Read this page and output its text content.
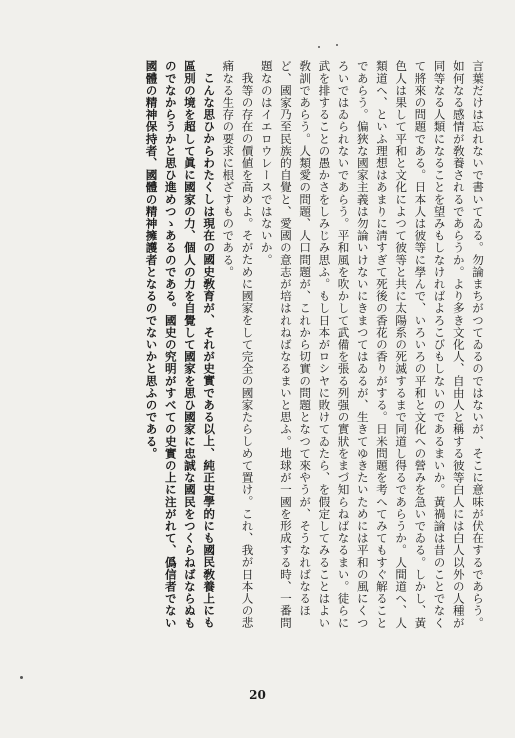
言葉だけは忘れないで書いてゐる。勿論まちがつてゐるのではないが、そこに意味が伏在するであらう。如何なる感情が敎養されるであらうか。より多き文化人、自由人と稱する彼等白人には白人以外の人種が同等なる人類になることを望みもしなければよろこびもしないのであるまいか。黃禍論は昔のことでなくて將來の問題である。日本人は彼等に學んで、いろいろの平和と文化への營みを急いでゐる。しかし、黃色人は果して平和と文化によつて彼等と共に太陽系の死滅するまで同道し得るであらうか。人間道へ、人類道へ、といふ理想はあまりに淸すぎて死後の香花の香りがする。日米問題を考へてみてもすぐ解ることであらう。偏狹な國家主義は勿論いけないにきまつてはゐるが、生きてゆきたいためには平和の風にくつろいではゐられないであらう。平和風を吹かして武備を張る列强の實狀をまづ知らねばなるまい。徒らに武を排することの愚かさをしみじみ思ふ。もし日本がロシヤに敗けてゐたら、を假定してみることはよい敎訓であらう。人類愛の問題、人口問題が、これから切實の問題となつて來やうが、そうなればなるほど、國家乃至民族的自覺と、愛國の意志が培はれねばなるまいと思ふ。地球が一國を形成する時、一番問題なのはイエロウレースではないか。

我等の存在の價値を高めよ。そがために國家をして完全の國家たらしめて置け。これ、我が日本人の悲痛なる生存の要求に根ざすものである。

こんな思ひからわたくしは現在の國史敎育が、それが史實である以上、純正史學的にも國民敎養上にも區別の境を超して眞に國家の力、個人の力を自覺して國家を思ひ國家に忠誠な國民をつくらねばならぬものでなからうかと思ひ進めつゝあるのである。國史の究明がすべての史實の上に注がれて、僞信者でない國體の精神保持者、國體の精神擁護者となるのでないかと思ふのである。

20
